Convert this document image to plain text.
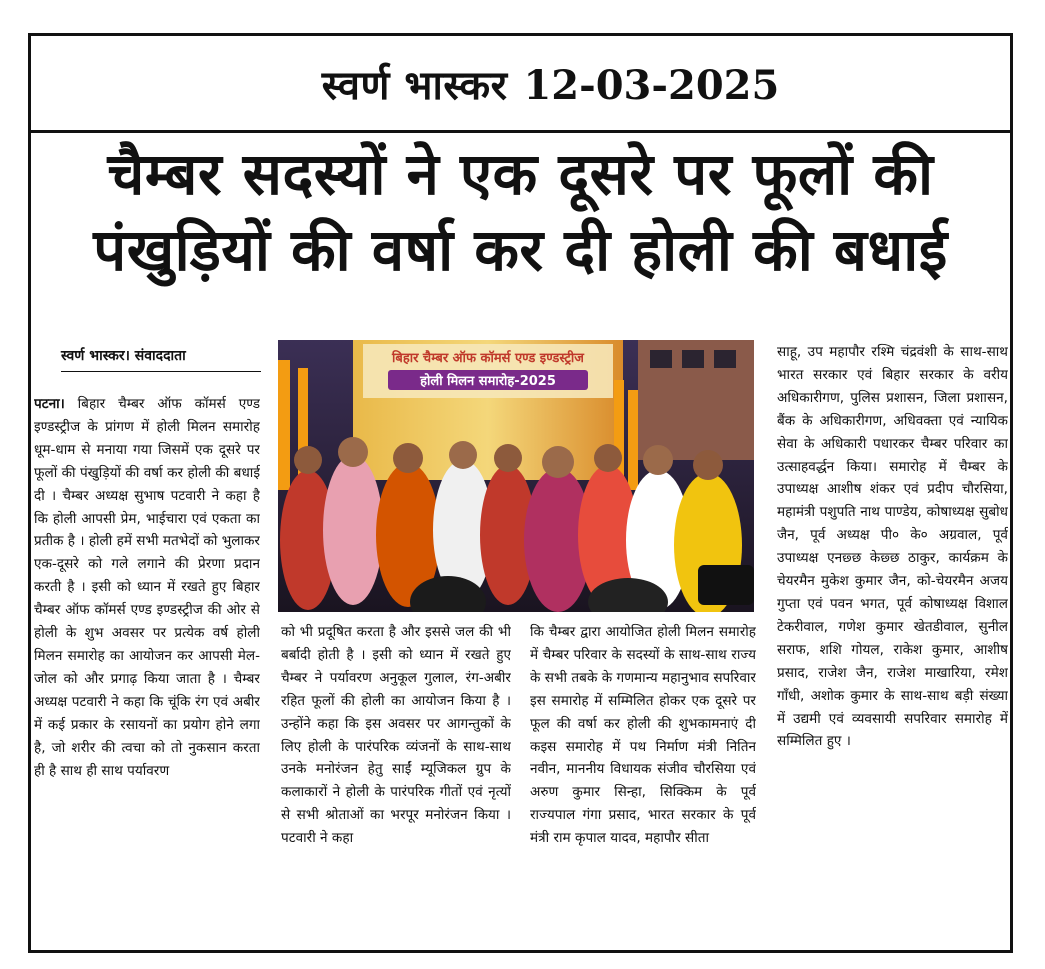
स्वर्ण भास्कर 12-03-2025
चैम्बर सदस्यों ने एक दूसरे पर फूलों की
पंखुड़ियों की वर्षा कर दी होली की बधाई
स्वर्ण भास्कर। संवाददाता
पटना। बिहार चैम्बर ऑफ कॉमर्स एण्ड इण्डस्ट्रीज के प्रांगण में होली मिलन समारोह धूम-धाम से मनाया गया जिसमें एक दूसरे पर फूलों की पंखुड़ियों की वर्षा कर होली की बधाई दी । चैम्बर अध्यक्ष सुभाष पटवारी ने कहा है कि होली आपसी प्रेम, भाईचारा एवं एकता का प्रतीक है । होली हमें सभी मतभेदों को भुलाकर एक-दूसरे को गले लगाने की प्रेरणा प्रदान करती है । इसी को ध्यान में रखते हुए बिहार चैम्बर ऑफ कॉमर्स एण्ड इण्डस्ट्रीज की ओर से होली के शुभ अवसर पर प्रत्येक वर्ष होली मिलन समारोह का आयोजन कर आपसी मेल-जोल को और प्रगाढ़ किया जाता है । चैम्बर अध्यक्ष पटवारी ने कहा कि चूंकि रंग एवं अबीर में कई प्रकार के रसायनों का प्रयोग होने लगा है, जो शरीर की त्वचा को तो नुकसान करता ही है साथ ही साथ पर्यावरण
बिहार चैम्बर ऑफ कॉमर्स एण्ड इण्डस्ट्रीज
होली मिलन समारोह-2025
को भी प्रदूषित करता है और इससे जल की भी बर्बादी होती है । इसी को ध्यान में रखते हुए चैम्बर ने पर्यावरण अनुकूल गुलाल, रंग-अबीर रहित फूलों की होली का आयोजन किया है । उन्होंने कहा कि इस अवसर पर आगन्तुकों के लिए होली के पारंपरिक व्यंजनों के साथ-साथ उनके मनोरंजन हेतु साईं म्यूजिकल ग्रुप के कलाकारों ने होली के पारंपरिक गीतों एवं नृत्यों से सभी श्रोताओं का भरपूर मनोरंजन किया । पटवारी ने कहा
कि चैम्बर द्वारा आयोजित होली मिलन समारोह में चैम्बर परिवार के सदस्यों के साथ-साथ राज्य के सभी तबके के गणमान्य महानुभाव सपरिवार इस समारोह में सम्मिलित होकर एक दूसरे पर फूल की वर्षा कर होली की शुभकामनाएं दी कइस समारोह में पथ निर्माण मंत्री नितिन नवीन, माननीय विधायक संजीव चौरसिया एवं अरुण कुमार सिन्हा, सिक्किम के पूर्व राज्यपाल गंगा प्रसाद, भारत सरकार के पूर्व मंत्री राम कृपाल यादव, महापौर सीता
साहू, उप महापौर रश्मि चंद्रवंशी के साथ-साथ भारत सरकार एवं बिहार सरकार के वरीय अधिकारीगण, पुलिस प्रशासन, जिला प्रशासन, बैंक के अधिकारीगण, अधिवक्ता एवं न्यायिक सेवा के अधिकारी पधारकर चैम्बर परिवार का उत्साहवर्द्धन किया। समारोह में चैम्बर के उपाध्यक्ष आशीष शंकर एवं प्रदीप चौरसिया, महामंत्री पशुपति नाथ पाण्डेय, कोषाध्यक्ष सुबोध जैन, पूर्व अध्यक्ष पी० के० अग्रवाल, पूर्व उपाध्यक्ष एनछ्छ केछ्छ ठाकुर, कार्यक्रम के चेयरमैन मुकेश कुमार जैन, को-चेयरमैन अजय गुप्ता एवं पवन भगत, पूर्व कोषाध्यक्ष विशाल टेकरीवाल, गणेश कुमार खेतडीवाल, सुनील सराफ, शशि गोयल, राकेश कुमार, आशीष प्रसाद, राजेश जैन, राजेश माखारिया, रमेश गाँधी, अशोक कुमार के साथ-साथ बड़ी संख्या में उद्यमी एवं व्यवसायी सपरिवार समारोह में सम्मिलित हुए ।
